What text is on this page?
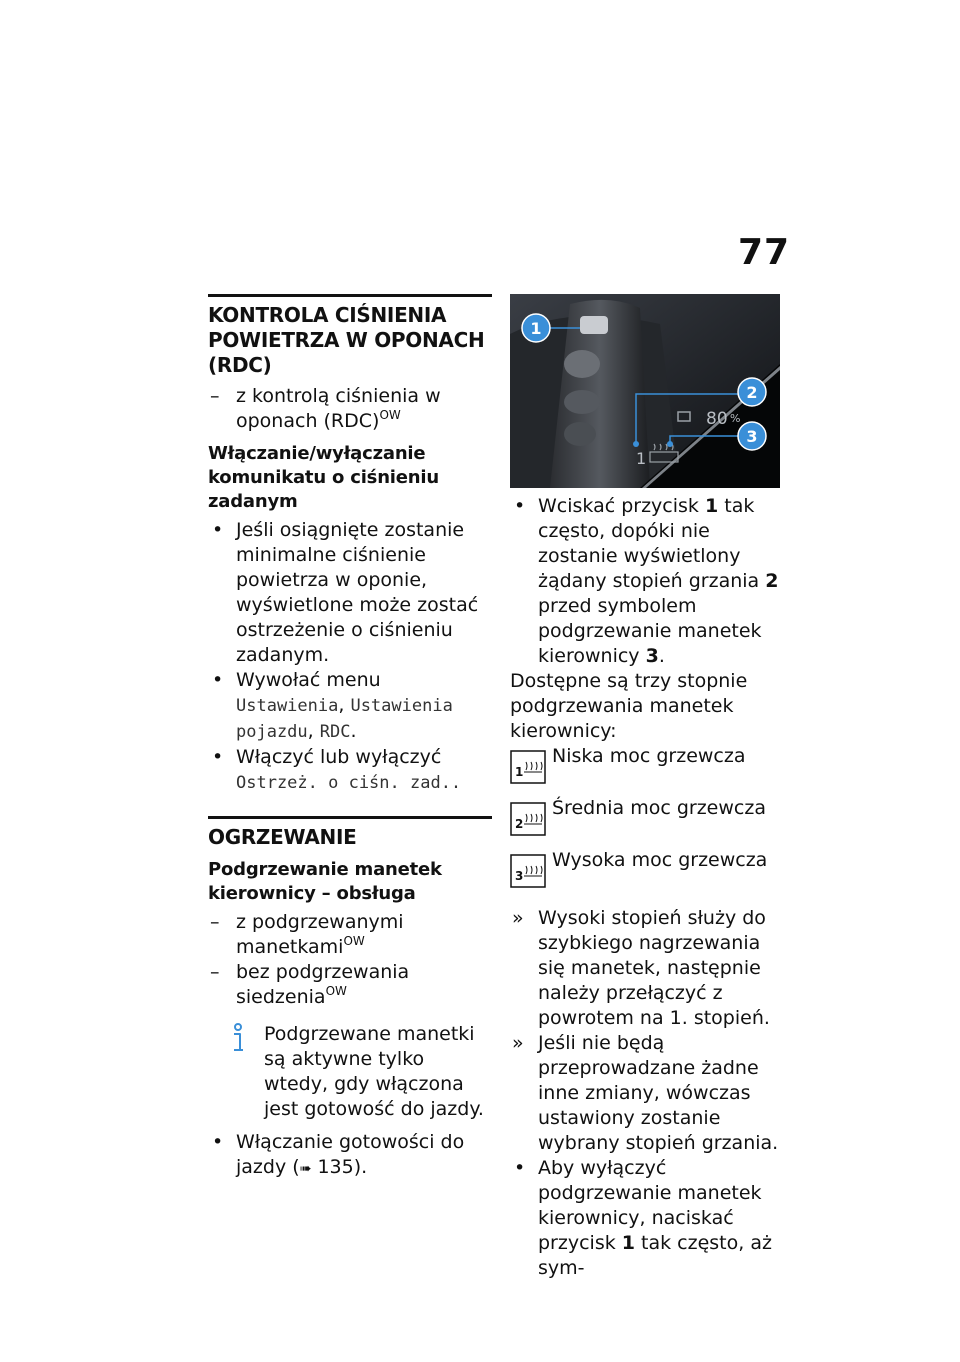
77
KONTROLA CIŚNIENIA POWIETRZA W OPONACH (RDC)

– z kontrolą ciśnienia w oponach (RDC)$^{OW}$

Włączanie/wyłączanie komunikatu o ciśnieniu zadanym

• Jeśli osiągnięte zostanie minimalne ciśnienie powietrza w oponie, wyświetlone może zostać ostrzeżenie o ciśnieniu zadanym.

• Wywołać menu Ustawienia, Ustawienia pojazdu, RDC.

• Włączyć lub wyłączyć
Ostrzeż. o ciśn. zad..

OGRZEWANIE
Podgrzewanie manetek kierownicy – obsługa

– z podgrzewanymi manetkami$^{OW}$

– bez podgrzewania siedzenia$^{OW}$

Podgrzewane manetki są aktywne tylko wtedy, gdy włączona jest gotowość do jazdy.

• Włączanie gotowości do jazdy (➠ 135).

80 %
1
1
2
3

• Wciskać przycisk 1 tak często, dopóki nie zostanie wyświetlony żądany stopień grzania 2 przed symbolem podgrzewanie manetek kierownicy 3.

Dostępne są trzy stopnie podgrzewania manetek kierownicy:

1
Niska moc grzewcza
2
Średnia moc grzewcza
3
Wysoka moc grzewcza

» Wysoki stopień służy do szybkiego nagrzewania się manetek, następnie należy przełączyć z powrotem na 1. stopień.

» Jeśli nie będą przeprowadzane żadne inne zmiany, wówczas ustawiony zostanie wybrany stopień grzania.

• Aby wyłączyć podgrzewanie manetek kierownicy, naciskać przycisk 1 tak często, aż sym-
